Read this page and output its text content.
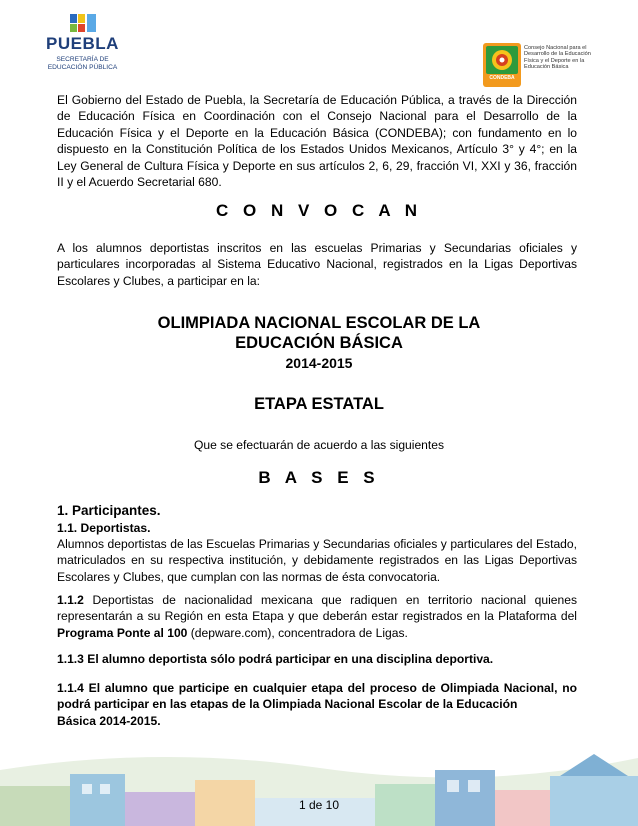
PUEBLA
SECRETARÍA DE
EDUCACIÓN PÚBLICA
CONDEBA
Consejo Nacional para el Desarrollo de la Educación Física y el Deporte en la Educación Básica
El Gobierno del Estado de Puebla, la Secretaría de Educación Pública, a través de la Dirección de Educación Física en Coordinación con el Consejo Nacional para el Desarrollo de la Educación Física y el Deporte en la Educación Básica (CONDEBA); con fundamento en lo dispuesto en la Constitución Política de los Estados Unidos Mexicanos, Artículo 3° y 4°; en la Ley General de Cultura Física y Deporte en sus artículos 2, 6, 29, fracción VI, XXI y 36, fracción II y el Acuerdo Secretarial 680.
C O N V O C A N
A los alumnos deportistas inscritos en las escuelas Primarias y Secundarias oficiales y particulares incorporadas al Sistema Educativo Nacional, registrados en la Ligas Deportivas Escolares y Clubes, a participar en la:
OLIMPIADA NACIONAL ESCOLAR DE LA
EDUCACIÓN BÁSICA
2014-2015
ETAPA ESTATAL
Que se efectuarán de acuerdo a las siguientes
B A S E S
1. Participantes.
1.1. Deportistas.
Alumnos deportistas de las Escuelas Primarias y Secundarias oficiales y particulares del Estado, matriculados en su respectiva institución, y debidamente registrados en las Ligas Deportivas Escolares y Clubes, que cumplan con las normas de ésta convocatoria.
1.1.2 Deportistas de nacionalidad mexicana que radiquen en territorio nacional quienes representarán a su Región en esta Etapa y que deberán estar registrados en la Plataforma del Programa Ponte al 100 (depware.com), concentradora de Ligas.
1.1.3 El alumno deportista sólo podrá participar en una disciplina deportiva.
1.1.4 El alumno que participe en cualquier etapa del proceso de Olimpiada Nacional, no podrá participar en las etapas de la Olimpiada Nacional Escolar de la Educación
Básica 2014-2015.
1 de 10
